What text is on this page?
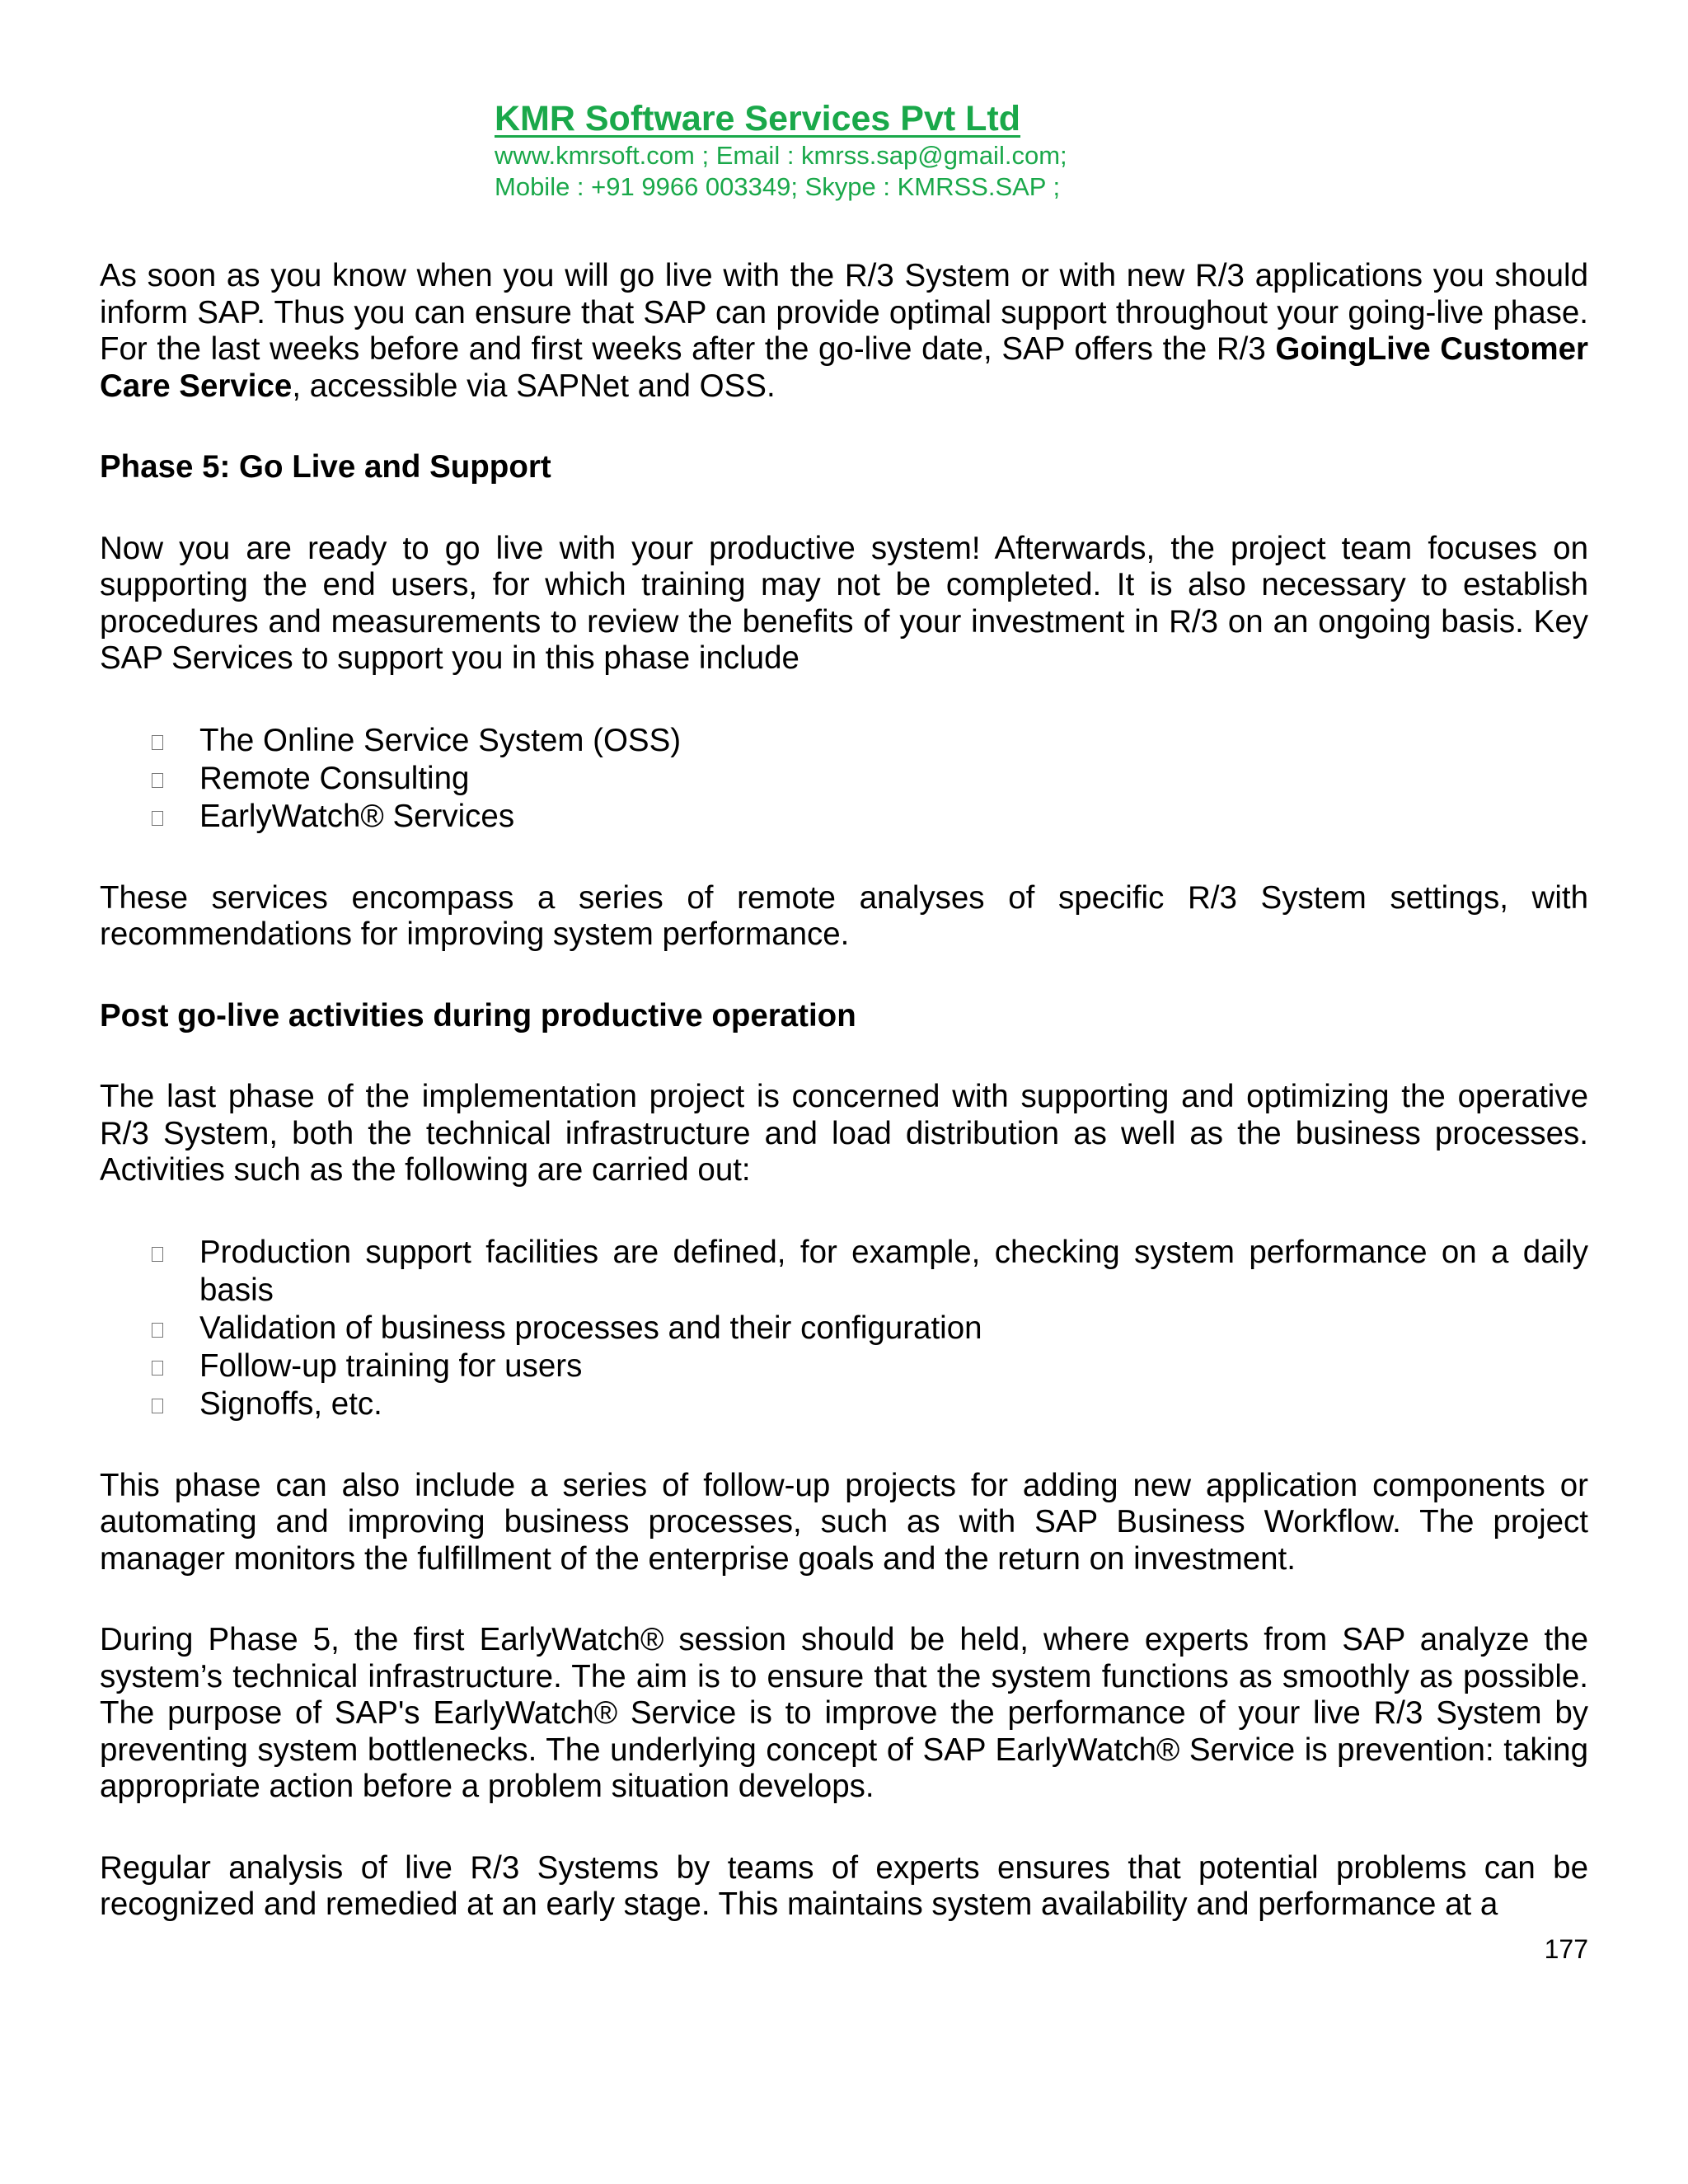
KMR Software Services Pvt Ltd

www.kmrsoft.com ; Email : kmrss.sap@gmail.com;

Mobile : +91 9966 003349; Skype : KMRSS.SAP ;

As soon as you know when you will go live with the R/3 System or with new R/3 applications you should inform SAP. Thus you can ensure that SAP can provide optimal support throughout your going-live phase. For the last weeks before and first weeks after the go-live date, SAP offers the R/3 GoingLive Customer Care Service, accessible via SAPNet and OSS.

Phase 5: Go Live and Support

Now you are ready to go live with your productive system! Afterwards, the project team focuses on supporting the end users, for which training may not be completed. It is also necessary to establish procedures and measurements to review the benefits of your investment in R/3 on an ongoing basis. Key SAP Services to support you in this phase include

The Online Service System (OSS)
Remote Consulting
EarlyWatch® Services

These services encompass a series of remote analyses of specific R/3 System settings, with recommendations for improving system performance.

Post go-live activities during productive operation

The last phase of the implementation project is concerned with supporting and optimizing the operative R/3 System, both the technical infrastructure and load distribution as well as the business processes. Activities such as the following are carried out:

Production support facilities are defined, for example, checking system performance on a daily basis
Validation of business processes and their configuration
Follow-up training for users
Signoffs, etc.

This phase can also include a series of follow-up projects for adding new application components or automating and improving business processes, such as with SAP Business Workflow. The project manager monitors the fulfillment of the enterprise goals and the return on investment.

During Phase 5, the first EarlyWatch® session should be held, where experts from SAP analyze the system’s technical infrastructure. The aim is to ensure that the system functions as smoothly as possible. The purpose of SAP's EarlyWatch® Service is to improve the performance of your live R/3 System by preventing system bottlenecks. The underlying concept of SAP EarlyWatch® Service is prevention: taking appropriate action before a problem situation develops.

Regular analysis of live R/3 Systems by teams of experts ensures that potential problems can be recognized and remedied at an early stage. This maintains system availability and performance at a

177
